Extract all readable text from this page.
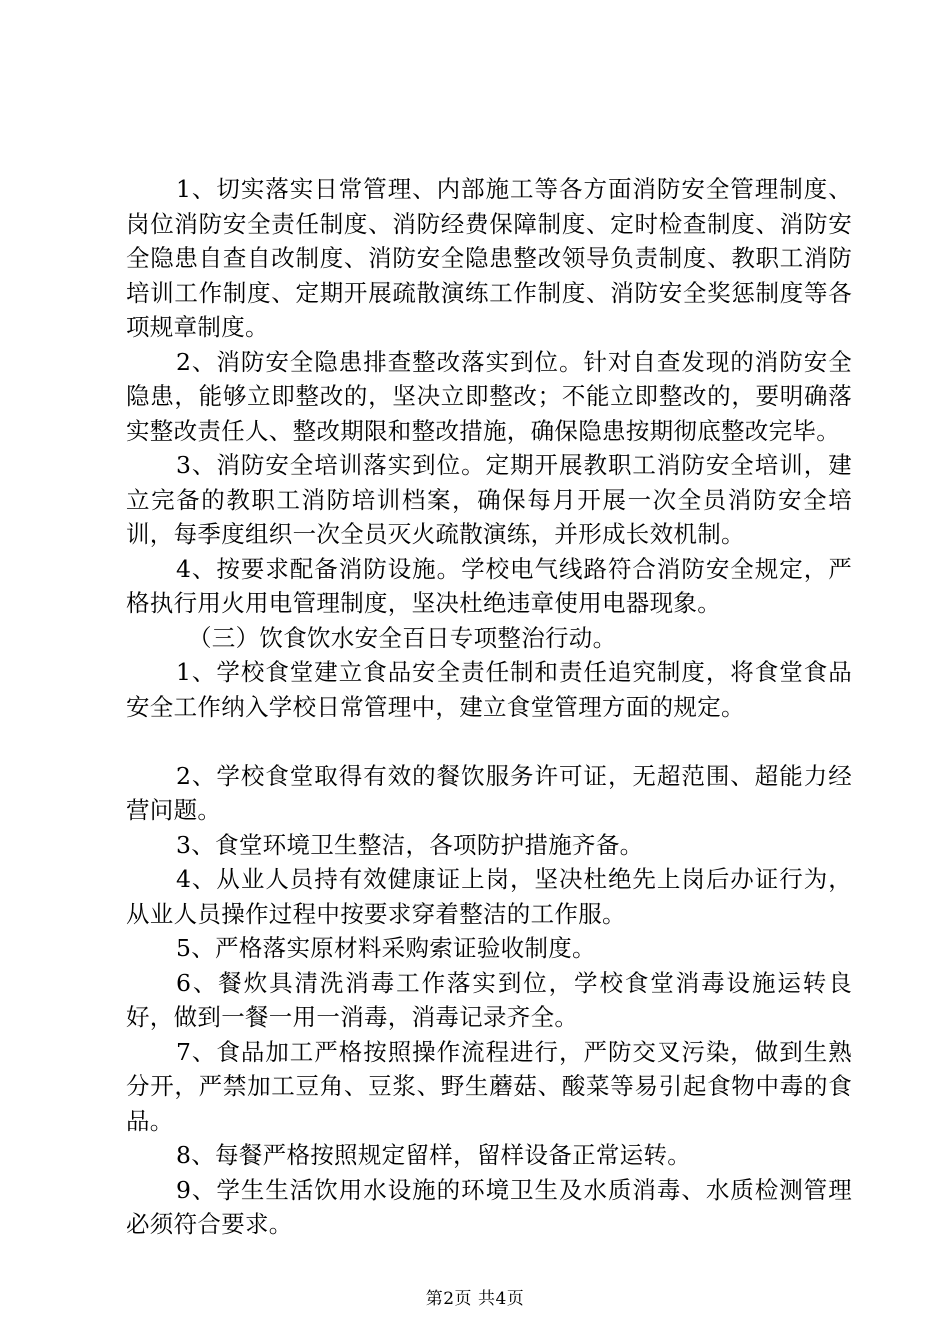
1、切实落实日常管理、内部施工等各方面消防安全管理制度、岗位消防安全责任制度、消防经费保障制度、定时检查制度、消防安全隐患自查自改制度、消防安全隐患整改领导负责制度、教职工消防培训工作制度、定期开展疏散演练工作制度、消防安全奖惩制度等各项规章制度。

2、消防安全隐患排查整改落实到位。针对自查发现的消防安全隐患，能够立即整改的，坚决立即整改；不能立即整改的，要明确落实整改责任人、整改期限和整改措施，确保隐患按期彻底整改完毕。

3、消防安全培训落实到位。定期开展教职工消防安全培训，建立完备的教职工消防培训档案，确保每月开展一次全员消防安全培训，每季度组织一次全员灭火疏散演练，并形成长效机制。

4、按要求配备消防设施。学校电气线路符合消防安全规定，严格执行用火用电管理制度，坚决杜绝违章使用电器现象。

（三）饮食饮水安全百日专项整治行动。

1、学校食堂建立食品安全责任制和责任追究制度，将食堂食品安全工作纳入学校日常管理中，建立食堂管理方面的规定。

2、学校食堂取得有效的餐饮服务许可证，无超范围、超能力经营问题。

3、食堂环境卫生整洁，各项防护措施齐备。

4、从业人员持有效健康证上岗，坚决杜绝先上岗后办证行为，从业人员操作过程中按要求穿着整洁的工作服。

5、严格落实原材料采购索证验收制度。

6、餐炊具清洗消毒工作落实到位，学校食堂消毒设施运转良好，做到一餐一用一消毒，消毒记录齐全。

7、食品加工严格按照操作流程进行，严防交叉污染，做到生熟分开，严禁加工豆角、豆浆、野生蘑菇、酸菜等易引起食物中毒的食品。

8、每餐严格按照规定留样，留样设备正常运转。

9、学生生活饮用水设施的环境卫生及水质消毒、水质检测管理必须符合要求。

第2页 共4页
